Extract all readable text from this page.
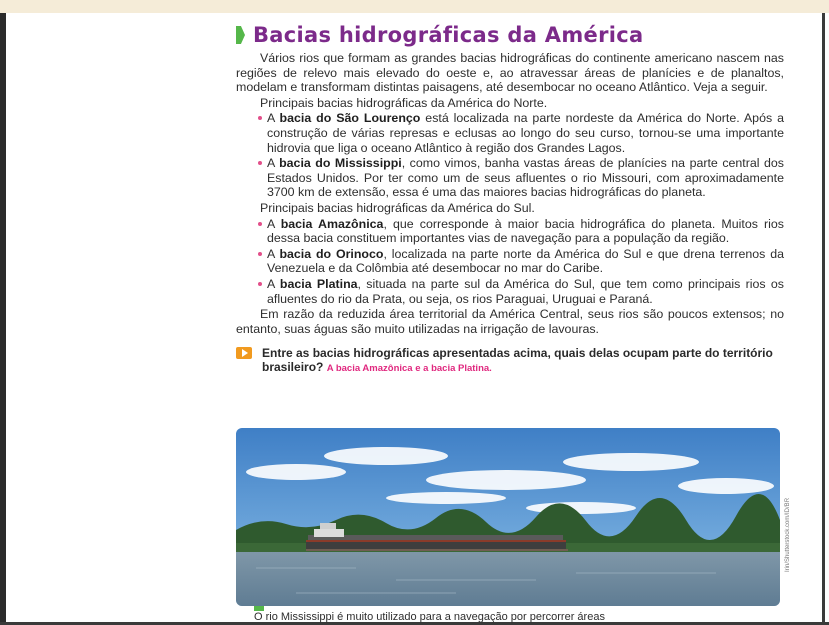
Bacias hidrográficas da América

Vários rios que formam as grandes bacias hidrográficas do continente americano nascem nas regiões de relevo mais elevado do oeste e, ao atravessar áreas de planícies e de planaltos, modelam e transformam distintas paisagens, até desembocar no oceano Atlântico. Veja a seguir.

Principais bacias hidrográficas da América do Norte.
A bacia do São Lourenço está localizada na parte nordeste da América do Norte. Após a construção de várias represas e eclusas ao longo do seu curso, tornou-se uma importante hidrovia que liga o oceano Atlântico à região dos Grandes Lagos.
A bacia do Mississippi, como vimos, banha vastas áreas de planícies na parte central dos Estados Unidos. Por ter como um de seus afluentes o rio Missouri, com aproximadamente 3700 km de extensão, essa é uma das maiores bacias hidrográficas do planeta.
Principais bacias hidrográficas da América do Sul.
A bacia Amazônica, que corresponde à maior bacia hidrográfica do planeta. Muitos rios dessa bacia constituem importantes vias de navegação para a população da região.
A bacia do Orinoco, localizada na parte norte da América do Sul e que drena terrenos da Venezuela e da Colômbia até desembocar no mar do Caribe.
A bacia Platina, situada na parte sul da América do Sul, que tem como principais rios os afluentes do rio da Prata, ou seja, os rios Paraguai, Uruguai e Paraná.

Em razão da reduzida área territorial da América Central, seus rios são poucos extensos; no entanto, suas águas são muito utilizadas na irrigação de lavouras.

Entre as bacias hidrográficas apresentadas acima, quais delas ocupam parte do território brasileiro? A bacia Amazônica e a bacia Platina.
Irin/Shutterstock.com/ID/BR
O rio Mississippi é muito utilizado para a navegação por percorrer áreas
